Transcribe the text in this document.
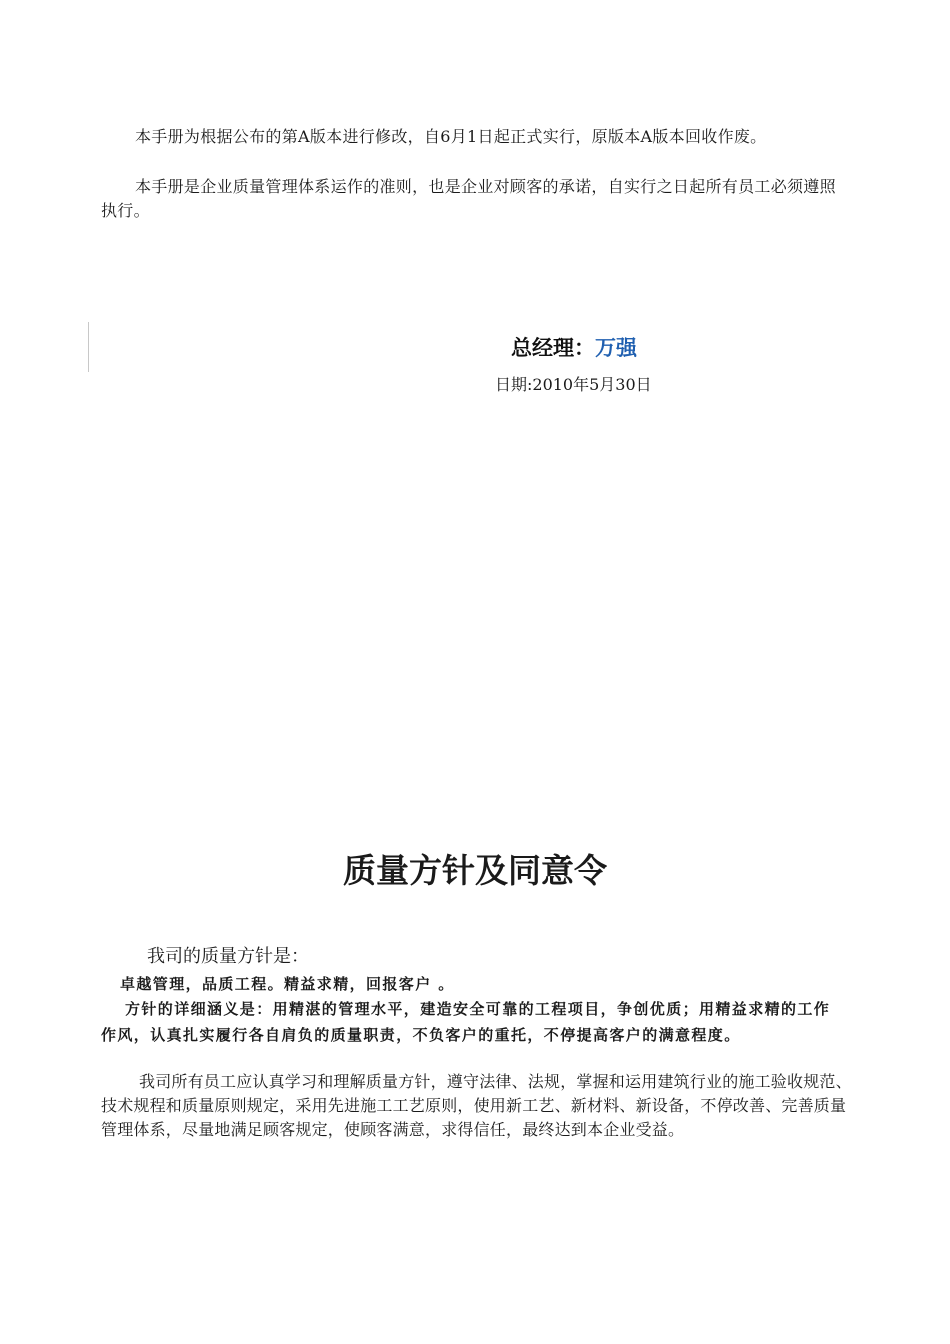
本手册为根据公布的第A版本进行修改，自6月1日起正式实行，原版本A版本回收作废。

本手册是企业质量管理体系运作的准则，也是企业对顾客的承诺，自实行之日起所有员工必须遵照执行。

总经理：万强
日期:2010年5月30日
质量方针及同意令
我司的质量方针是：
卓越管理，品质工程。精益求精，回报客户 。

方针的详细涵义是：用精湛的管理水平，建造安全可靠的工程项目，争创优质；用精益求精的工作作风，认真扎实履行各自肩负的质量职责，不负客户的重托，不停提高客户的满意程度。

我司所有员工应认真学习和理解质量方针，遵守法律、法规，掌握和运用建筑行业的施工验收规范、技术规程和质量原则规定，采用先进施工工艺原则，使用新工艺、新材料、新设备，不停改善、完善质量管理体系，尽量地满足顾客规定，使顾客满意，求得信任，最终达到本企业受益。
